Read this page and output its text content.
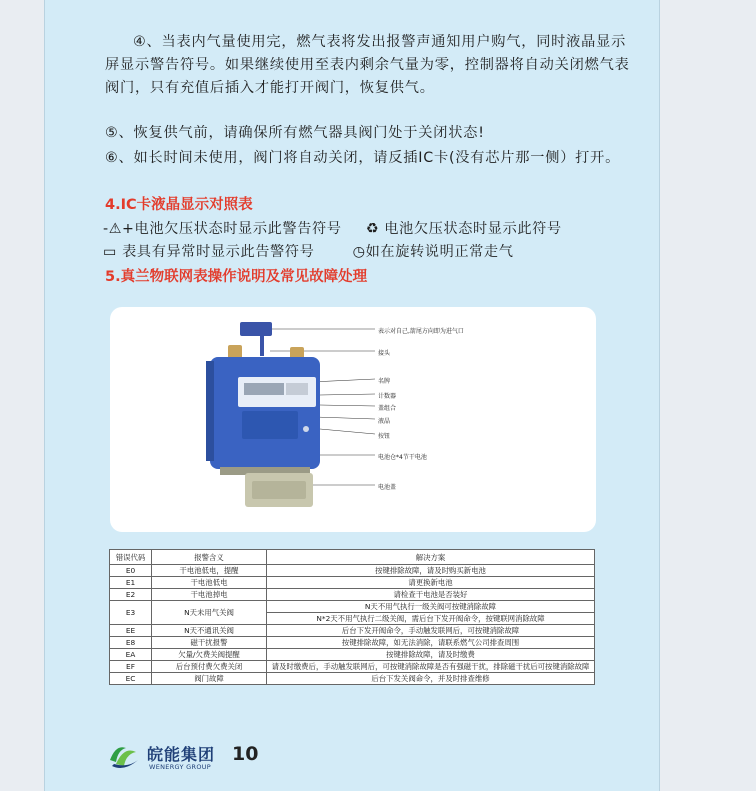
④、当表内气量使用完，燃气表将发出报警声通知用户购气，同时液晶显示屏显示警告符号。如果继续使用至表内剩余气量为零，控制器将自动关闭燃气表阀门，只有充值后插入才能打开阀门，恢复供气。
⑤、恢复供气前，请确保所有燃气器具阀门处于关闭状态!
⑥、如长时间未使用，阀门将自动关闭，请反插IC卡(没有芯片那一侧）打开。
4.IC卡液晶显示对照表
-⚠+电池欠压状态时显示此警告符号 ♻ 电池欠压状态时显示此符号
▭ 表具有异常时显示此告警符号	◷如在旋转说明正常走气
5.真兰物联网表操作说明及常见故障处理
表示对自己,箭尾方向即为进气口
接头
名牌
计数器
盖组合
液晶
按钮
电池仓*4节干电池
电池盖
错误代码	报警含义	解决方案
E0	干电池低电，提醒	按键排除故障，请及时购买新电池
E1	干电池低电	请更换新电池
E2	干电池掉电	请检查干电池是否装好
E3	N天未用气关阀	N天不用气执行一级关阀可按键消除故障
		N*2天不用气执行二级关阀，需后台下发开阀命令，按键联网消除故障
EE	N天不通讯关阀	后台下发开阀命令，手动触发联网后，可按键消除故障
E8	磁干扰报警	按键排除故障，如无法消除，请联系燃气公司排查周围
EA	欠量/欠费关阀提醒	按键排除故障，请及时缴费
EF	后台预付费欠费关闭	请及时缴费后，手动触发联网后，可按键消除故障是否有强磁干扰，排除磁干扰后可按键消除故障
EC	阀门故障	后台下发关阀命令，并及时排查维修
皖能集团
WENERGY GROUP
10
